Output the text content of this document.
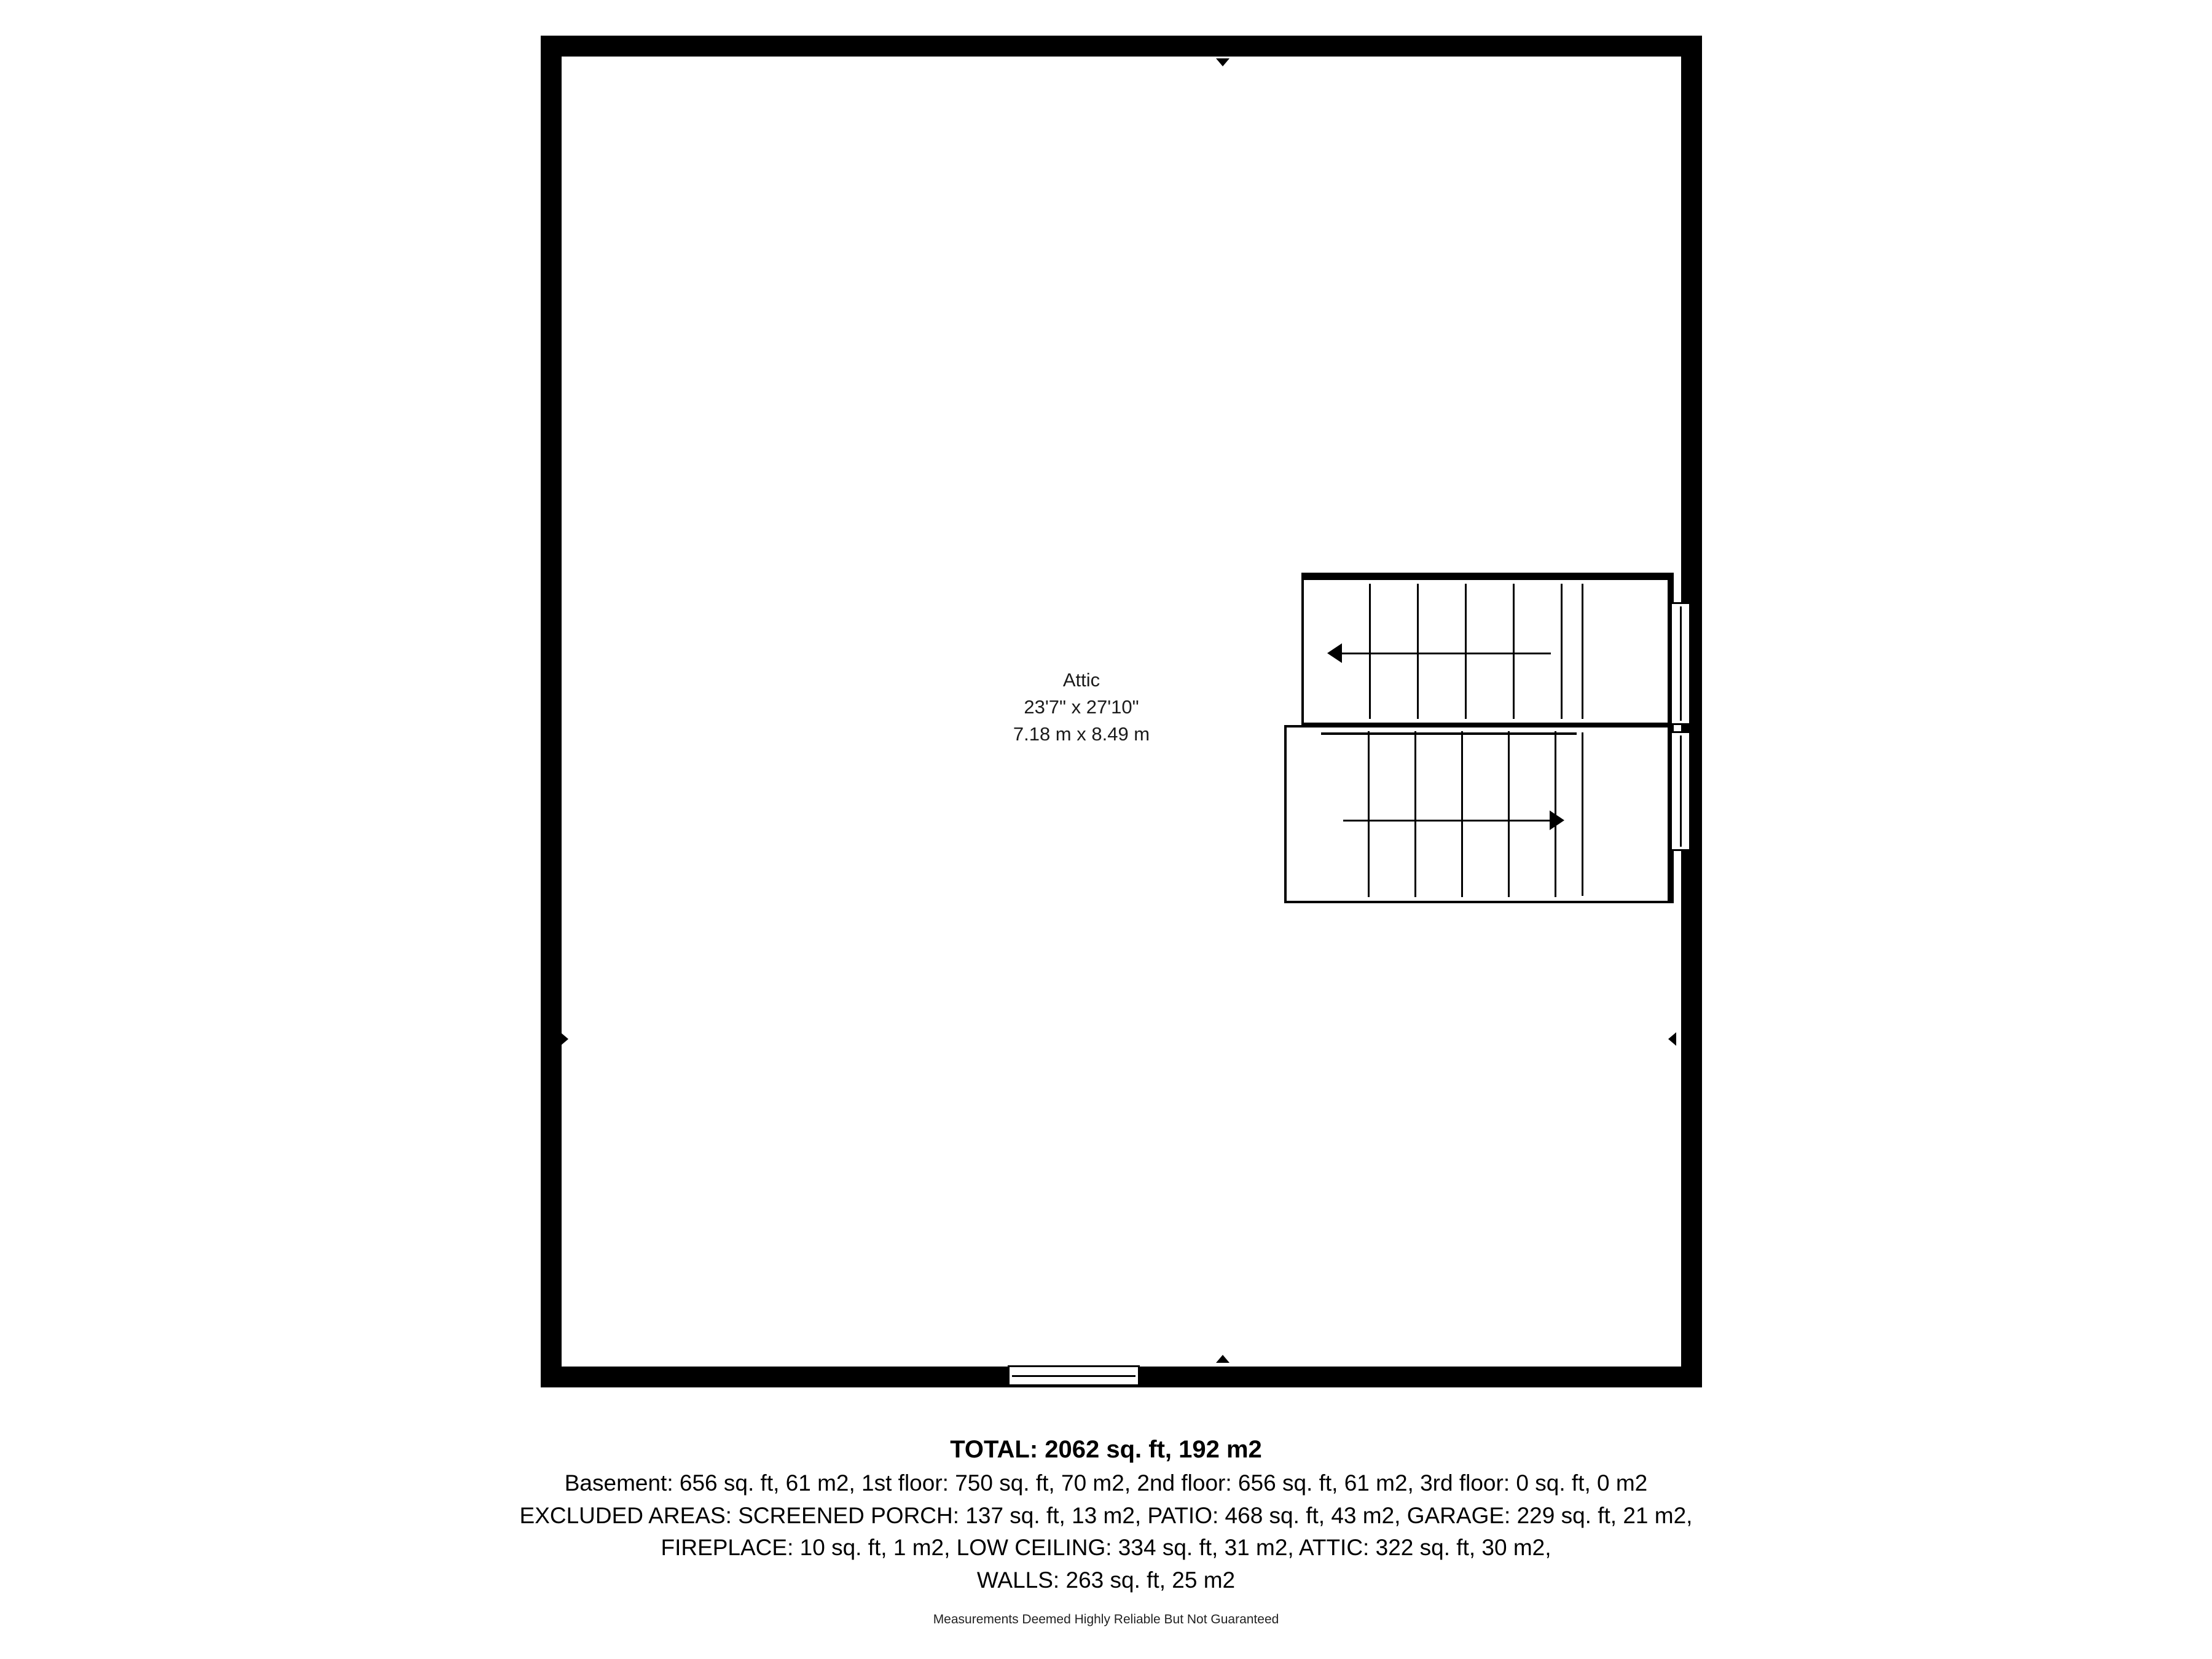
Attic
23'7" x 27'10"
7.18 m x 8.49 m
TOTAL: 2062 sq. ft, 192 m2
Basement: 656 sq. ft, 61 m2, 1st floor: 750 sq. ft, 70 m2, 2nd floor: 656 sq. ft, 61 m2, 3rd floor: 0 sq. ft, 0 m2
EXCLUDED AREAS: SCREENED PORCH: 137 sq. ft, 13 m2, PATIO: 468 sq. ft, 43 m2, GARAGE: 229 sq. ft, 21 m2,
FIREPLACE: 10 sq. ft, 1 m2, LOW CEILING: 334 sq. ft, 31 m2, ATTIC: 322 sq. ft, 30 m2,
WALLS: 263 sq. ft, 25 m2
Measurements Deemed Highly Reliable But Not Guaranteed
